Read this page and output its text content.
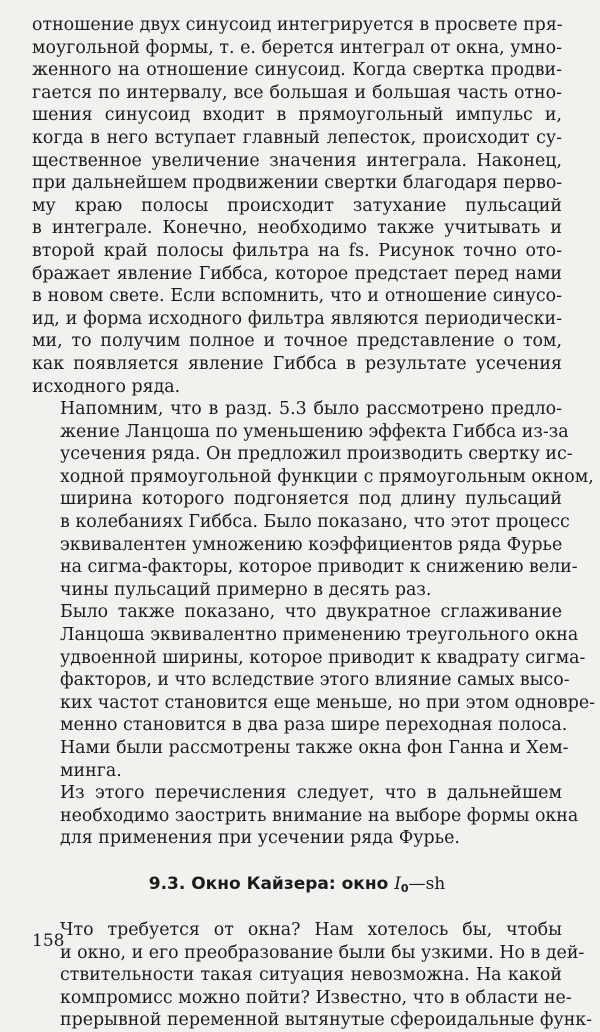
отношение двух синусоид интегрируется в просвете пря-
моугольной формы, т. е. берется интеграл от окна, умно-
женного на отношение синусоид. Когда свертка продви-
гается по интервалу, все большая и большая часть отно-
шения синусоид входит в прямоугольный импульс и,
когда в него вступает главный лепесток, происходит су-
щественное увеличение значения интеграла. Наконец,
при дальнейшем продвижении свертки благодаря перво-
му краю полосы происходит затухание пульсаций
в интеграле. Конечно, необходимо также учитывать и
второй край полосы фильтра на fs. Рисунок точно ото-
бражает явление Гиббса, которое предстает перед нами
в новом свете. Если вспомнить, что и отношение синусо-
ид, и форма исходного фильтра являются периодически-
ми, то получим полное и точное представление о том,
как появляется явление Гиббса в результате усечения
исходного ряда.
Напомним, что в разд. 5.3 было рассмотрено предло-
жение Ланцоша по уменьшению эффекта Гиббса из-за
усечения ряда. Он предложил производить свертку ис-
ходной прямоугольной функции с прямоугольным окном,
ширина которого подгоняется под длину пульсаций
в колебаниях Гиббса. Было показано, что этот процесс
эквивалентен умножению коэффициентов ряда Фурье
на сигма-факторы, которое приводит к снижению вели-
чины пульсаций примерно в десять раз.
Было также показано, что двукратное сглаживание
Ланцоша эквивалентно применению треугольного окна
удвоенной ширины, которое приводит к квадрату сигма-
факторов, и что вследствие этого влияние самых высо-
ких частот становится еще меньше, но при этом одновре-
менно становится в два раза шире переходная полоса.
Нами были рассмотрены также окна фон Ганна и Хем-
минга.
Из этого перечисления следует, что в дальнейшем
необходимо заострить внимание на выборе формы окна
для применения при усечении ряда Фурье.
9.3. Окно Кайзера: окно $I_0—sh$
Что требуется от окна? Нам хотелось бы, чтобы
и окно, и его преобразование были бы узкими. Но в дей-
ствительности такая ситуация невозможна. На какой
компромисс можно пойти? Известно, что в области не-
прерывной переменной вытянутые сфероидальные функ-
158
